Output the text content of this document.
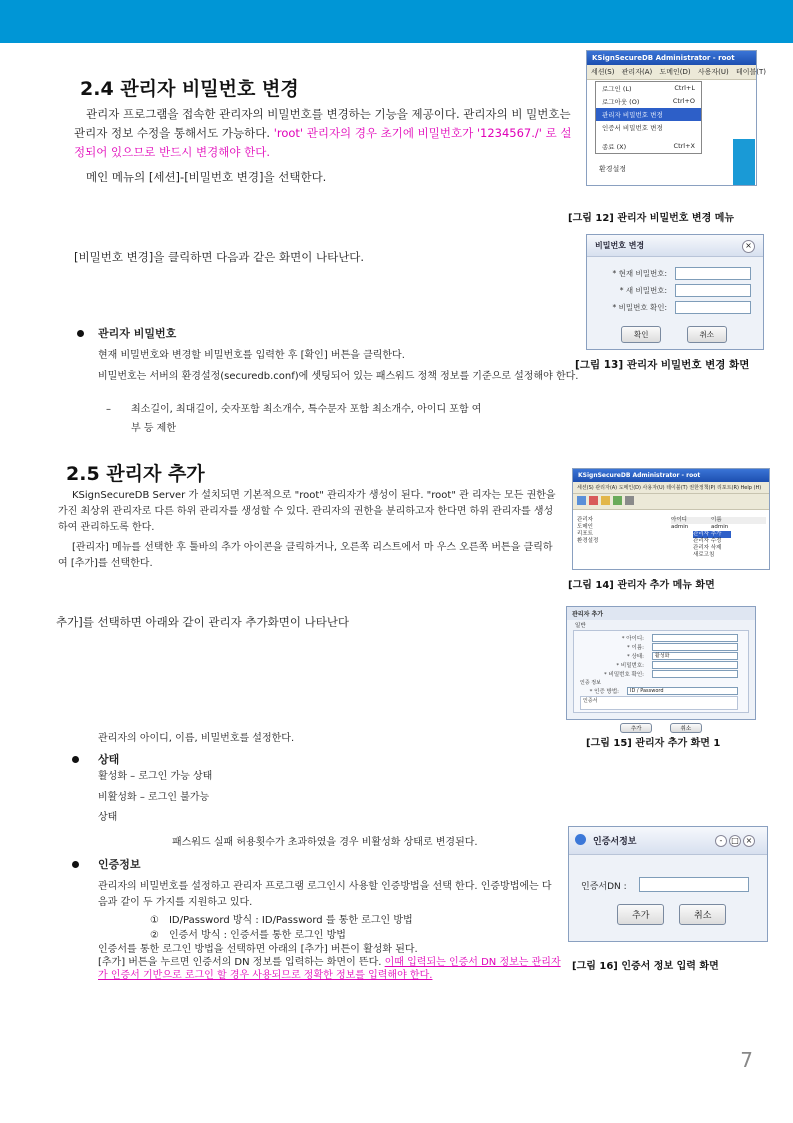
2.4 관리자 비밀번호 변경
관리자 프로그램을 접속한 관리자의 비밀번호를 변경하는 기능을 제공이다. 관리자의 비 밀번호는 관리자 정보 수정을 통해서도 가능하다. 'root' 관리자의 경우 초기에 비밀번호가 '1234567./' 로 설정되어 있으므로 반드시 변경해야 한다.
메인 메뉴의 [세션]-[비밀번호 변경]을 선택한다.
KSignSecureDB Administrator - root
세션(S) 관리자(A) 도메인(D) 사용자(U) 테이블(T)
로그인 (L)	Ctrl+L
로그아웃 (O)	Ctrl+O
관리자 비밀번호 변경
인증서 비밀번호 변경
종료 (X)	Ctrl+X
환경설정
[그림 12] 관리자 비밀번호 변경 메뉴
[비밀번호 변경]을 클릭하면 다음과 같은 화면이 나타난다.
비밀번호 변경	×
* 현재 비밀번호:
* 새 비밀번호:
* 비밀번호 확인:
확인	취소
[그림 13] 관리자 비밀번호 변경 화면
관리자 비밀번호
현재 비밀번호와 변경할 비밀번호를 입력한 후 [확인] 버튼을 클릭한다.
비밀번호는 서버의 환경설정(securedb.conf)에 셋팅되어 있는 패스워드 정책 정보를 기준으로 설정해야 한다.
– 최소길이, 최대길이, 숫자포함 최소개수, 특수문자 포함 최소개수, 아이디 포함 여
부 등 제한
2.5 관리자 추가
KSignSecureDB Server 가 설치되면 기본적으로 "root" 관리자가 생성이 된다. "root" 관 리자는 모든 권한을 가진 최상위 관리자로 다른 하위 관리자를 생성할 수 있다. 관리자의 권한을 분리하고자 한다면 하위 관리자를 생성하여 관리하도록 한다.
[관리자] 메뉴를 선택한 후 툴바의 추가 아이콘을 클릭하거나, 오른쪽 리스트에서 마 우스 오른쪽 버튼을 클릭하여 [추가]를 선택한다.
KSignSecureDB Administrator - root
세션(S) 관리자(A) 도메인(D) 사용자(U) 테이블(T) 권한정책(P) 리포트(R) Help (H)
관리자
도메인
리포트
환경설정
아이디	이름
admin	admin
관리자 추가
관리자 수정
관리자 삭제
새로고침
[그림 14] 관리자 추가 메뉴 화면
추가]를 선택하면 아래와 같이 관리자 추가화면이 나타난다
관리자 추가
일반
* 아이디:
* 이름:
* 상태:	활성화
* 비밀번호:
* 비밀번호 확인:
인증 정보
* 인증 방법:	ID / Password
인증서
추가	취소
[그림 15] 관리자 추가 화면 1
관리자의 아이디, 이름, 비밀번호를 설정한다.
상태
활성화 – 로그인 가능 상태
비활성화 – 로그인 불가능
상태
패스워드 실패 허용횟수가 초과하였을 경우 비활성화 상태로 변경된다.
인증정보
관리자의 비밀번호를 설정하고 관리자 프로그램 로그인시 사용할 인증방법을 선택 한다. 인증방법에는 다음과 같이 두 가지를 지원하고 있다.
①　ID/Password 방식 : ID/Password 를 통한 로그인 방법
②　인증서 방식 : 인증서를 통한 로그인 방법
인증서를 통한 로그인 방법을 선택하면 아래의 [추가] 버튼이 활성화 된다.
[추가] 버튼을 누르면 인증서의 DN 정보를 입력하는 화면이 뜬다. 이때 입력되는 인증서 DN 정보는 관리자가 인증서 기반으로 로그인 할 경우 사용되므로 정확한 정보를 입력해야 한다.
인증서정보	-	□ ×
인증서DN :
추가	취소
[그림 16] 인증서 정보 입력 화면
7
